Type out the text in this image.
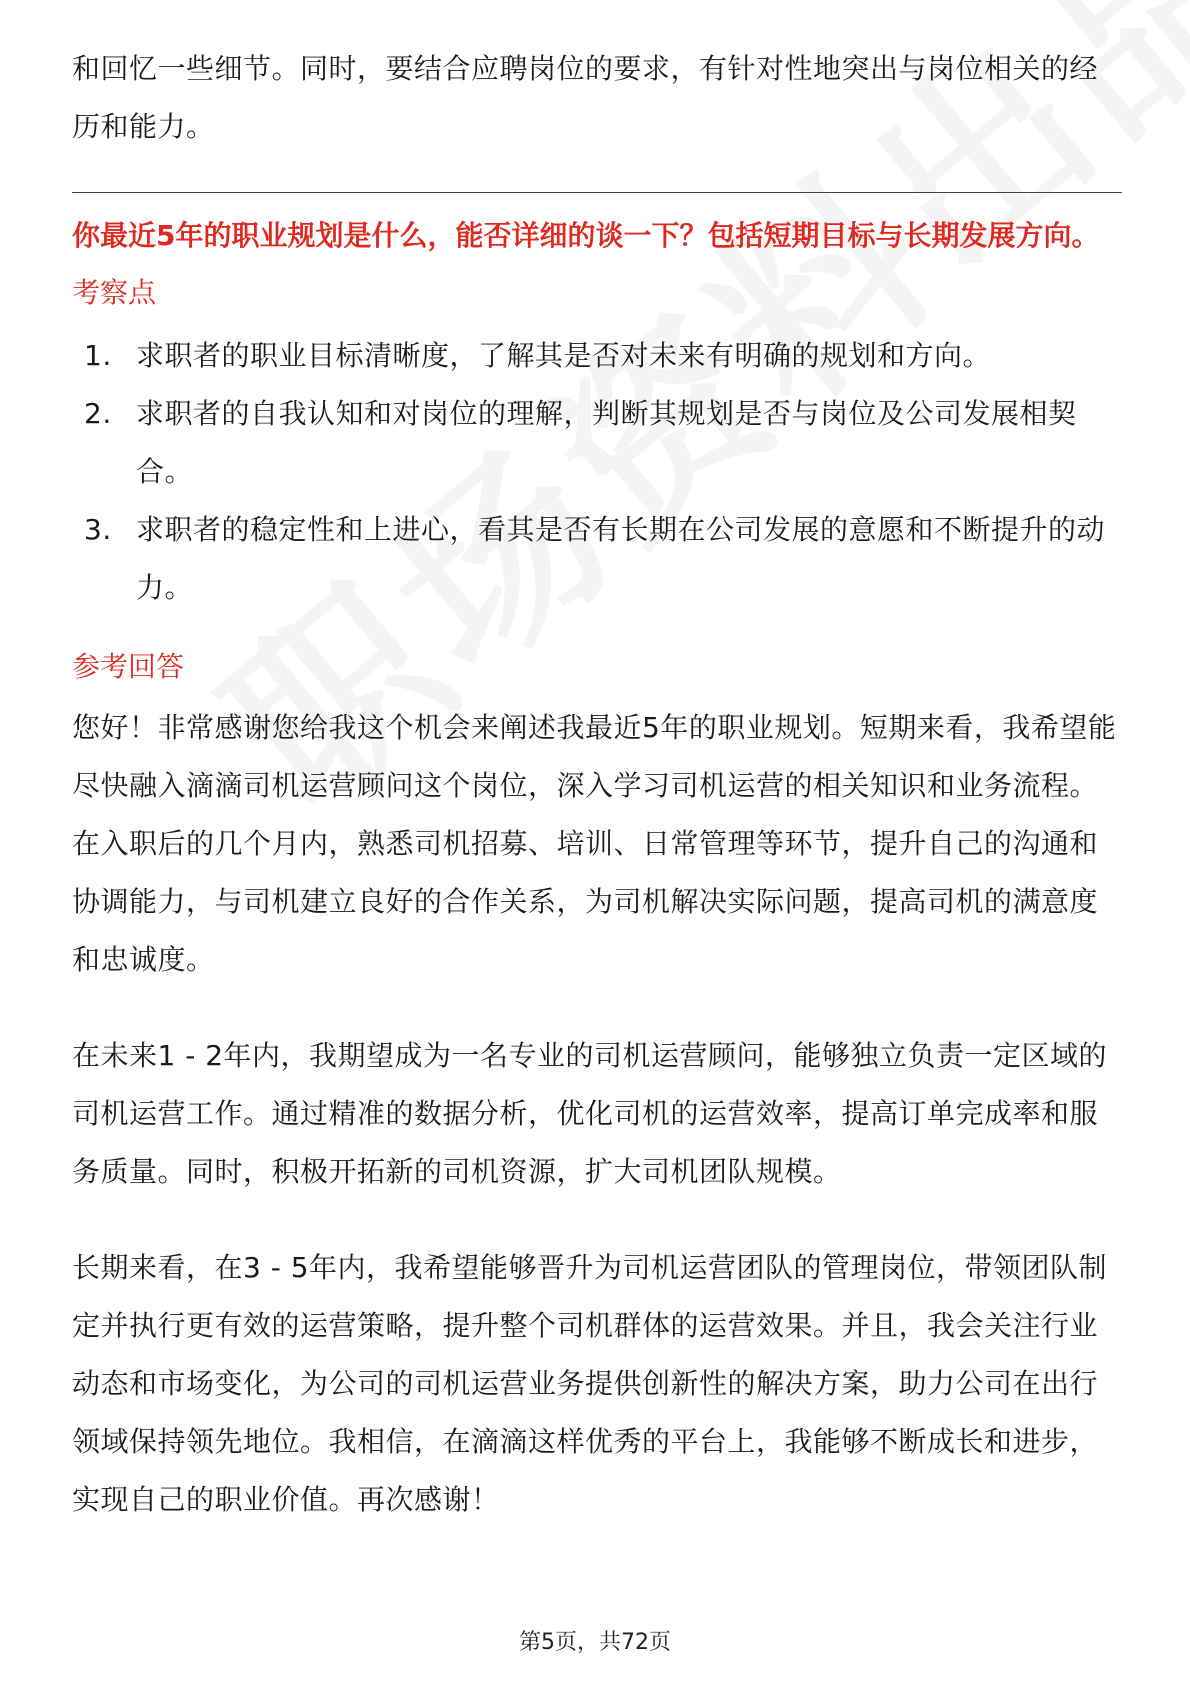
和回忆一些细节。同时，要结合应聘岗位的要求，有针对性地突出与岗位相关的经历和能力。

你最近5年的职业规划是什么，能否详细的谈一下？包括短期目标与长期发展方向。

考察点
1. 求职者的职业目标清晰度，了解其是否对未来有明确的规划和方向。
2. 求职者的自我认知和对岗位的理解，判断其规划是否与岗位及公司发展相契合。
3. 求职者的稳定性和上进心，看其是否有长期在公司发展的意愿和不断提升的动力。
参考回答

您好！非常感谢您给我这个机会来阐述我最近5年的职业规划。短期来看，我希望能尽快融入滴滴司机运营顾问这个岗位，深入学习司机运营的相关知识和业务流程。在入职后的几个月内，熟悉司机招募、培训、日常管理等环节，提升自己的沟通和协调能力，与司机建立良好的合作关系，为司机解决实际问题，提高司机的满意度和忠诚度。

在未来1 - 2年内，我期望成为一名专业的司机运营顾问，能够独立负责一定区域的司机运营工作。通过精准的数据分析，优化司机的运营效率，提高订单完成率和服务质量。同时，积极开拓新的司机资源，扩大司机团队规模。

长期来看，在3 - 5年内，我希望能够晋升为司机运营团队的管理岗位，带领团队制定并执行更有效的运营策略，提升整个司机群体的运营效果。并且，我会关注行业动态和市场变化，为公司的司机运营业务提供创新性的解决方案，助力公司在出行领域保持领先地位。我相信，在滴滴这样优秀的平台上，我能够不断成长和进步，实现自己的职业价值。再次感谢！

第5页，共72页
